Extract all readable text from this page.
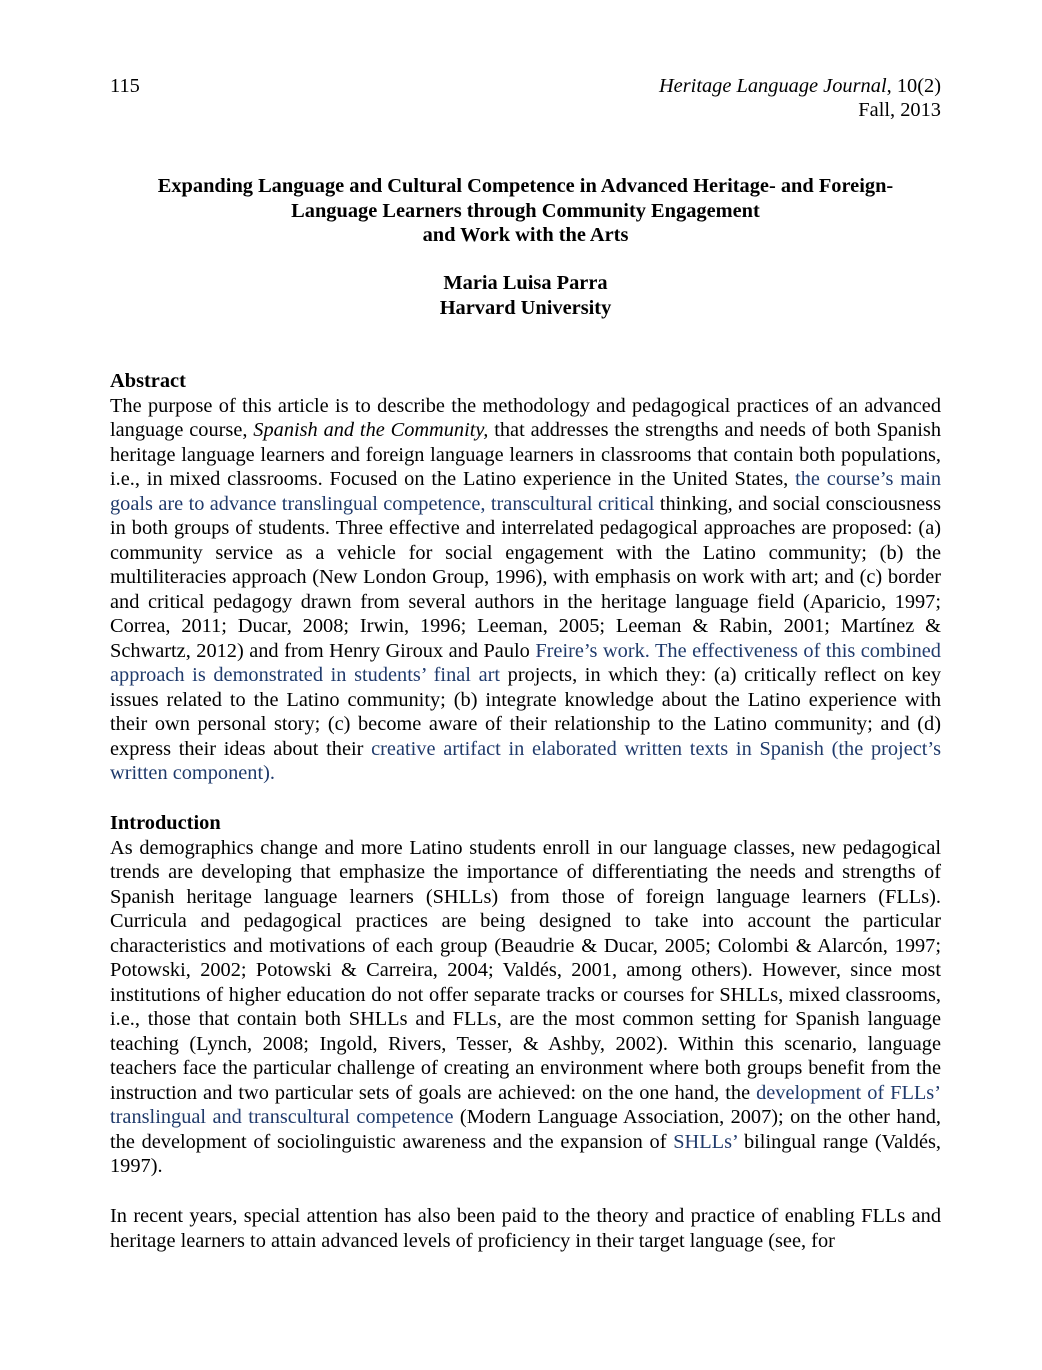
115	Heritage Language Journal, 10(2)
Fall, 2013
Expanding Language and Cultural Competence in Advanced Heritage- and Foreign-
Language Learners through Community Engagement
and Work with the Arts
Maria Luisa Parra
Harvard University

Abstract

The purpose of this article is to describe the methodology and pedagogical practices of an advanced language course, Spanish and the Community, that addresses the strengths and needs of both Spanish heritage language learners and foreign language learners in classrooms that contain both populations, i.e., in mixed classrooms. Focused on the Latino experience in the United States, the course’s main goals are to advance translingual competence, transcultural critical thinking, and social consciousness in both groups of students. Three effective and interrelated pedagogical approaches are proposed: (a) community service as a vehicle for social engagement with the Latino community; (b) the multiliteracies approach (New London Group, 1996), with emphasis on work with art; and (c) border and critical pedagogy drawn from several authors in the heritage language field (Aparicio, 1997; Correa, 2011; Ducar, 2008; Irwin, 1996; Leeman, 2005; Leeman & Rabin, 2001; Martínez & Schwartz, 2012) and from Henry Giroux and Paulo Freire’s work. The effectiveness of this combined approach is demonstrated in students’ final art projects, in which they: (a) critically reflect on key issues related to the Latino community; (b) integrate knowledge about the Latino experience with their own personal story; (c) become aware of their relationship to the Latino community; and (d) express their ideas about their creative artifact in elaborated written texts in Spanish (the project’s written component).

Introduction

As demographics change and more Latino students enroll in our language classes, new pedagogical trends are developing that emphasize the importance of differentiating the needs and strengths of Spanish heritage language learners (SHLLs) from those of foreign language learners (FLLs). Curricula and pedagogical practices are being designed to take into account the particular characteristics and motivations of each group (Beaudrie & Ducar, 2005; Colombi & Alarcón, 1997; Potowski, 2002; Potowski & Carreira, 2004; Valdés, 2001, among others). However, since most institutions of higher education do not offer separate tracks or courses for SHLLs, mixed classrooms, i.e., those that contain both SHLLs and FLLs, are the most common setting for Spanish language teaching (Lynch, 2008; Ingold, Rivers, Tesser, & Ashby, 2002). Within this scenario, language teachers face the particular challenge of creating an environment where both groups benefit from the instruction and two particular sets of goals are achieved: on the one hand, the development of FLLs’ translingual and transcultural competence (Modern Language Association, 2007); on the other hand, the development of sociolinguistic awareness and the expansion of SHLLs’ bilingual range (Valdés, 1997).

In recent years, special attention has also been paid to the theory and practice of enabling FLLs and heritage learners to attain advanced levels of proficiency in their target language (see, for
